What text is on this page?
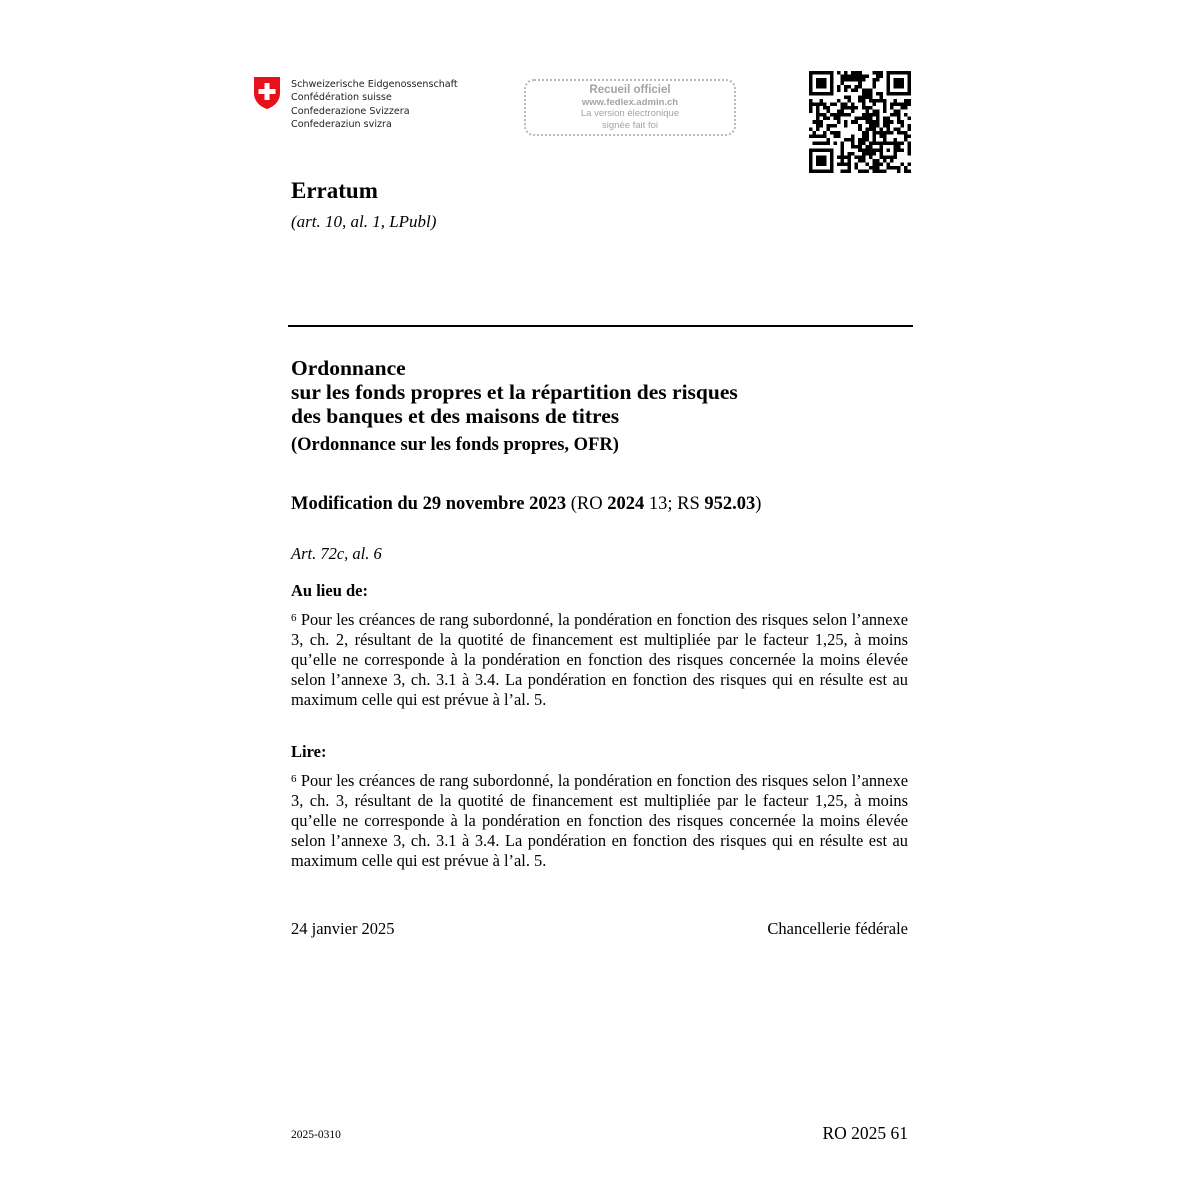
Schweizerische Eidgenossenschaft
Confédération suisse
Confederazione Svizzera
Confederaziun svizra
Recueil officiel
www.fedlex.admin.ch
La version électronique
signée fait foi
Erratum
(art. 10, al. 1, LPubl)
Ordonnance
sur les fonds propres et la répartition des risques
des banques et des maisons de titres
(Ordonnance sur les fonds propres, OFR)
Modification du 29 novembre 2023 (RO 2024 13; RS 952.03)
Art. 72c, al. 6
Au lieu de:
$^6$ Pour les créances de rang subordonné, la pondération en fonction des risques selon l’annexe 3, ch. 2, résultant de la quotité de financement est multipliée par le facteur 1,25, à moins qu’elle ne corresponde à la pondération en fonction des risques concernée la moins élevée selon l’annexe 3, ch. 3.1 à 3.4. La pondération en fonction des risques qui en résulte est au maximum celle qui est prévue à l’al. 5.
Lire:
$^6$ Pour les créances de rang subordonné, la pondération en fonction des risques selon l’annexe 3, ch. 3, résultant de la quotité de financement est multipliée par le facteur 1,25, à moins qu’elle ne corresponde à la pondération en fonction des risques concernée la moins élevée selon l’annexe 3, ch. 3.1 à 3.4. La pondération en fonction des risques qui en résulte est au maximum celle qui est prévue à l’al. 5.
24 janvier 2025	Chancellerie fédérale
2025-0310	RO 2025 61
